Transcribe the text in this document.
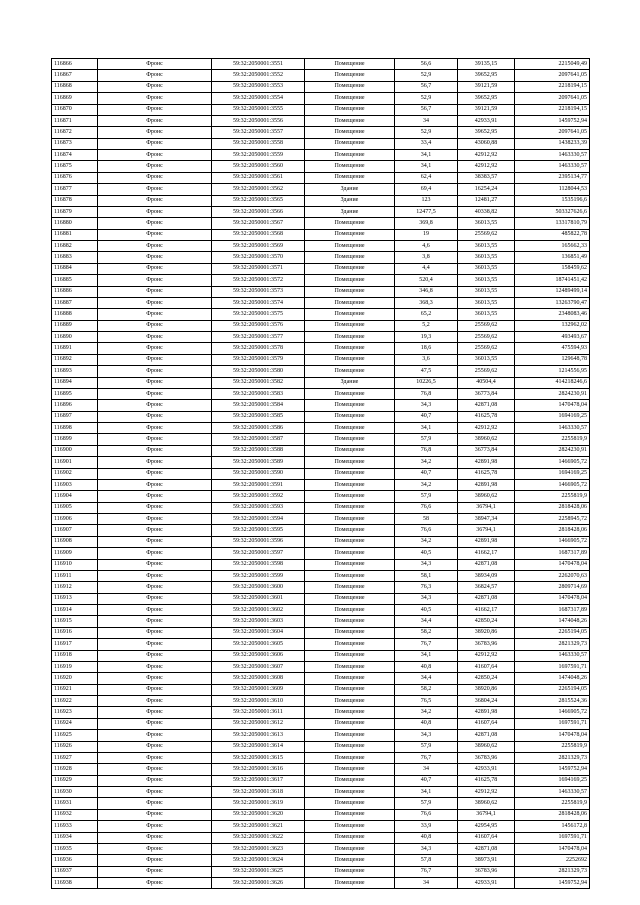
116866	Фронс	59:32:2050001:3551	Помещение	56,6	39135,15	2215049,49
116867	Фронс	59:32:2050001:3552	Помещение	52,9	39652,95	2097641,05
116868	Фронс	59:32:2050001:3553	Помещение	56,7	39121,59	2218194,15
116869	Фронс	59:32:2050001:3554	Помещение	52,9	39652,95	2097641,05
116870	Фронс	59:32:2050001:3555	Помещение	56,7	39121,59	2218194,15
116871	Фронс	59:32:2050001:3556	Помещение	34	42933,91	1459752,94
116872	Фронс	59:32:2050001:3557	Помещение	52,9	39652,95	2097641,05
116873	Фронс	59:32:2050001:3558	Помещение	33,4	43060,88	1438233,39
116874	Фронс	59:32:2050001:3559	Помещение	34,1	42912,92	1463330,57
116875	Фронс	59:32:2050001:3560	Помещение	34,1	42912,92	1463330,57
116876	Фронс	59:32:2050001:3561	Помещение	62,4	38383,57	2395134,77
116877	Фронс	59:32:2050001:3562	Здание	69,4	16254,24	1128044,53
116878	Фронс	59:32:2050001:3565	Здание	123	12481,27	1535196,6
116879	Фронс	59:32:2050001:3566	Здание	12477,5	40338,82	503327626,6
116880	Фронс	59:32:2050001:3567	Помещение	369,8	36013,55	13317810,79
116881	Фронс	59:32:2050001:3568	Помещение	19	25569,62	485822,78
116882	Фронс	59:32:2050001:3569	Помещение	4,6	36013,55	165662,33
116883	Фронс	59:32:2050001:3570	Помещение	3,8	36013,55	136851,49
116884	Фронс	59:32:2050001:3571	Помещение	4,4	36013,55	158459,62
116885	Фронс	59:32:2050001:3572	Помещение	520,4	36013,55	18741451,42
116886	Фронс	59:32:2050001:3573	Помещение	346,8	36013,55	12489499,14
116887	Фронс	59:32:2050001:3574	Помещение	368,3	36013,55	13263790,47
116888	Фронс	59:32:2050001:3575	Помещение	65,2	36013,55	2348083,46
116889	Фронс	59:32:2050001:3576	Помещение	5,2	25569,62	132962,02
116890	Фронс	59:32:2050001:3577	Помещение	19,3	25569,62	493493,67
116891	Фронс	59:32:2050001:3578	Помещение	18,6	25569,62	475594,93
116892	Фронс	59:32:2050001:3579	Помещение	3,6	36013,55	129648,78
116893	Фронс	59:32:2050001:3580	Помещение	47,5	25569,62	1214556,95
116894	Фронс	59:32:2050001:3582	Здание	10226,5	40504,4	414218246,6
116895	Фронс	59:32:2050001:3583	Помещение	76,8	36773,84	2824230,91
116896	Фронс	59:32:2050001:3584	Помещение	34,3	42871,08	1470478,04
116897	Фронс	59:32:2050001:3585	Помещение	40,7	41625,78	1694169,25
116898	Фронс	59:32:2050001:3586	Помещение	34,1	42912,92	1463330,57
116899	Фронс	59:32:2050001:3587	Помещение	57,9	38960,62	2255819,9
116900	Фронс	59:32:2050001:3588	Помещение	76,8	36773,84	2824230,91
116901	Фронс	59:32:2050001:3589	Помещение	34,2	42891,98	1466905,72
116902	Фронс	59:32:2050001:3590	Помещение	40,7	41625,78	1694169,25
116903	Фронс	59:32:2050001:3591	Помещение	34,2	42891,98	1466905,72
116904	Фронс	59:32:2050001:3592	Помещение	57,9	38960,62	2255819,9
116905	Фронс	59:32:2050001:3593	Помещение	76,6	36794,1	2818428,06
116906	Фронс	59:32:2050001:3594	Помещение	58	38947,34	2258945,72
116907	Фронс	59:32:2050001:3595	Помещение	76,6	36794,1	2818428,06
116908	Фронс	59:32:2050001:3596	Помещение	34,2	42891,98	1466905,72
116909	Фронс	59:32:2050001:3597	Помещение	40,5	41662,17	1687317,89
116910	Фронс	59:32:2050001:3598	Помещение	34,3	42871,08	1470478,04
116911	Фронс	59:32:2050001:3599	Помещение	58,1	38934,09	2262070,63
116912	Фронс	59:32:2050001:3600	Помещение	76,3	36824,57	2809714,69
116913	Фронс	59:32:2050001:3601	Помещение	34,3	42871,08	1470478,04
116914	Фронс	59:32:2050001:3602	Помещение	40,5	41662,17	1687317,89
116915	Фронс	59:32:2050001:3603	Помещение	34,4	42850,24	1474048,26
116916	Фронс	59:32:2050001:3604	Помещение	58,2	38920,86	2265194,05
116917	Фронс	59:32:2050001:3605	Помещение	76,7	36783,96	2821329,73
116918	Фронс	59:32:2050001:3606	Помещение	34,1	42912,92	1463330,57
116919	Фронс	59:32:2050001:3607	Помещение	40,8	41607,64	1697591,71
116920	Фронс	59:32:2050001:3608	Помещение	34,4	42850,24	1474048,26
116921	Фронс	59:32:2050001:3609	Помещение	58,2	38920,86	2265194,05
116922	Фронс	59:32:2050001:3610	Помещение	76,5	36804,24	2815524,36
116923	Фронс	59:32:2050001:3611	Помещение	34,2	42891,98	1466905,72
116924	Фронс	59:32:2050001:3612	Помещение	40,8	41607,64	1697591,71
116925	Фронс	59:32:2050001:3613	Помещение	34,3	42871,08	1470478,04
116926	Фронс	59:32:2050001:3614	Помещение	57,9	38960,62	2255819,9
116927	Фронс	59:32:2050001:3615	Помещение	76,7	36783,96	2821329,73
116928	Фронс	59:32:2050001:3616	Помещение	34	42933,91	1459752,94
116929	Фронс	59:32:2050001:3617	Помещение	40,7	41625,78	1694169,25
116930	Фронс	59:32:2050001:3618	Помещение	34,1	42912,92	1463330,57
116931	Фронс	59:32:2050001:3619	Помещение	57,9	38960,62	2255819,9
116932	Фронс	59:32:2050001:3620	Помещение	76,6	36794,1	2818428,06
116933	Фронс	59:32:2050001:3621	Помещение	33,9	42954,95	1456172,8
116934	Фронс	59:32:2050001:3622	Помещение	40,8	41607,64	1697591,71
116935	Фронс	59:32:2050001:3623	Помещение	34,3	42871,08	1470478,04
116936	Фронс	59:32:2050001:3624	Помещение	57,8	38973,91	2252692
116937	Фронс	59:32:2050001:3625	Помещение	76,7	36783,96	2821329,73
116938	Фронс	59:32:2050001:3626	Помещение	34	42933,91	1459752,94
